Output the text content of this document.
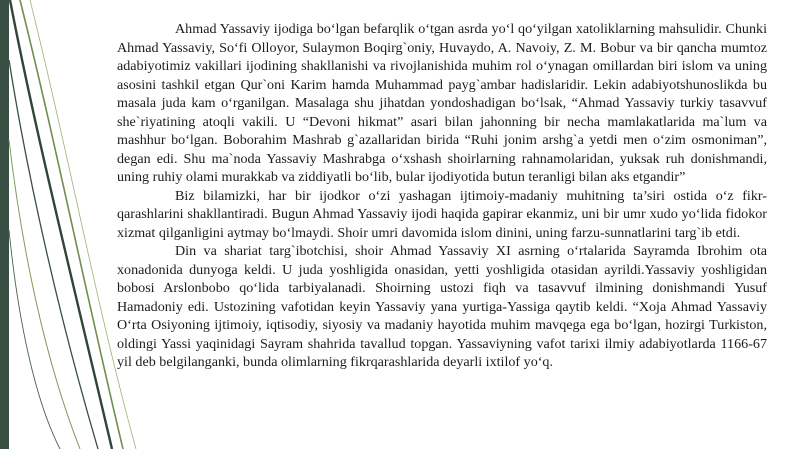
Ahmad Yassaviy ijodiga bo‘lgan befarqlik o‘tgan asrda yo‘l qo‘yilgan xatoliklarning mahsulidir. Chunki Ahmad Yassaviy, So‘fi Olloyor, Sulaymon Boqirg`oniy, Huvaydo, A. Navoiy, Z. M. Bobur va bir qancha mumtoz adabiyotimiz vakillari ijodining shakllanishi va rivojlanishida muhim rol o‘ynagan omillardan biri islom va uning asosini tashkil etgan Qur`oni Karim hamda Muhammad payg`ambar hadislaridir. Lekin adabiyotshunoslikda bu masala juda kam o‘rganilgan. Masalaga shu jihatdan yondoshadigan bo‘lsak, “Ahmad Yassaviy turkiy tasavvuf she`riyatining atoqli vakili. U “Devoni hikmat” asari bilan jahonning bir necha mamlakatlarida ma`lum va mashhur bo‘lgan. Boborahim Mashrab g`azallaridan birida “Ruhi jonim arshg`a yetdi men o‘zim osmoniman”, degan edi. Shu ma`noda Yassaviy Mashrabga o‘xshash shoirlarning rahnamolaridan, yuksak ruh donishmandi, uning ruhiy olami murakkab va ziddiyatli bo‘lib, bular ijodiyotida butun teranligi bilan aks etgandir”

Biz bilamizki, har bir ijodkor o‘zi yashagan ijtimoiy-madaniy muhitning ta’siri ostida o‘z fikr-qarashlarini shakllantiradi. Bugun Ahmad Yassaviy ijodi haqida gapirar ekanmiz, uni bir umr xudo yo‘lida fidokor xizmat qilganligini aytmay bo‘lmaydi. Shoir umri davomida islom dinini, uning farzu-sunnatlarini targ`ib etdi.

Din va shariat targ`ibotchisi, shoir Ahmad Yassaviy XI asrning o‘rtalarida Sayramda Ibrohim ota xonadonida dunyoga keldi. U juda yoshligida onasidan, yetti yoshligida otasidan ayrildi.Yassaviy yoshligidan bobosi Arslonbobo qo‘lida tarbiyalanadi. Shoirning ustozi fiqh va tasavvuf ilmining donishmandi Yusuf Hamadoniy edi. Ustozining vafotidan keyin Yassaviy yana yurtiga-Yassiga qaytib keldi. “Xoja Ahmad Yassaviy O‘rta Osiyoning ijtimoiy, iqtisodiy, siyosiy va madaniy hayotida muhim mavqega ega bo‘lgan, hozirgi Turkiston, oldingi Yassi yaqinidagi Sayram shahrida tavallud topgan. Yassaviyning vafot tarixi ilmiy adabiyotlarda 1166-67 yil deb belgilanganki, bunda olimlarning fikrqarashlarida deyarli ixtilof yo‘q.
